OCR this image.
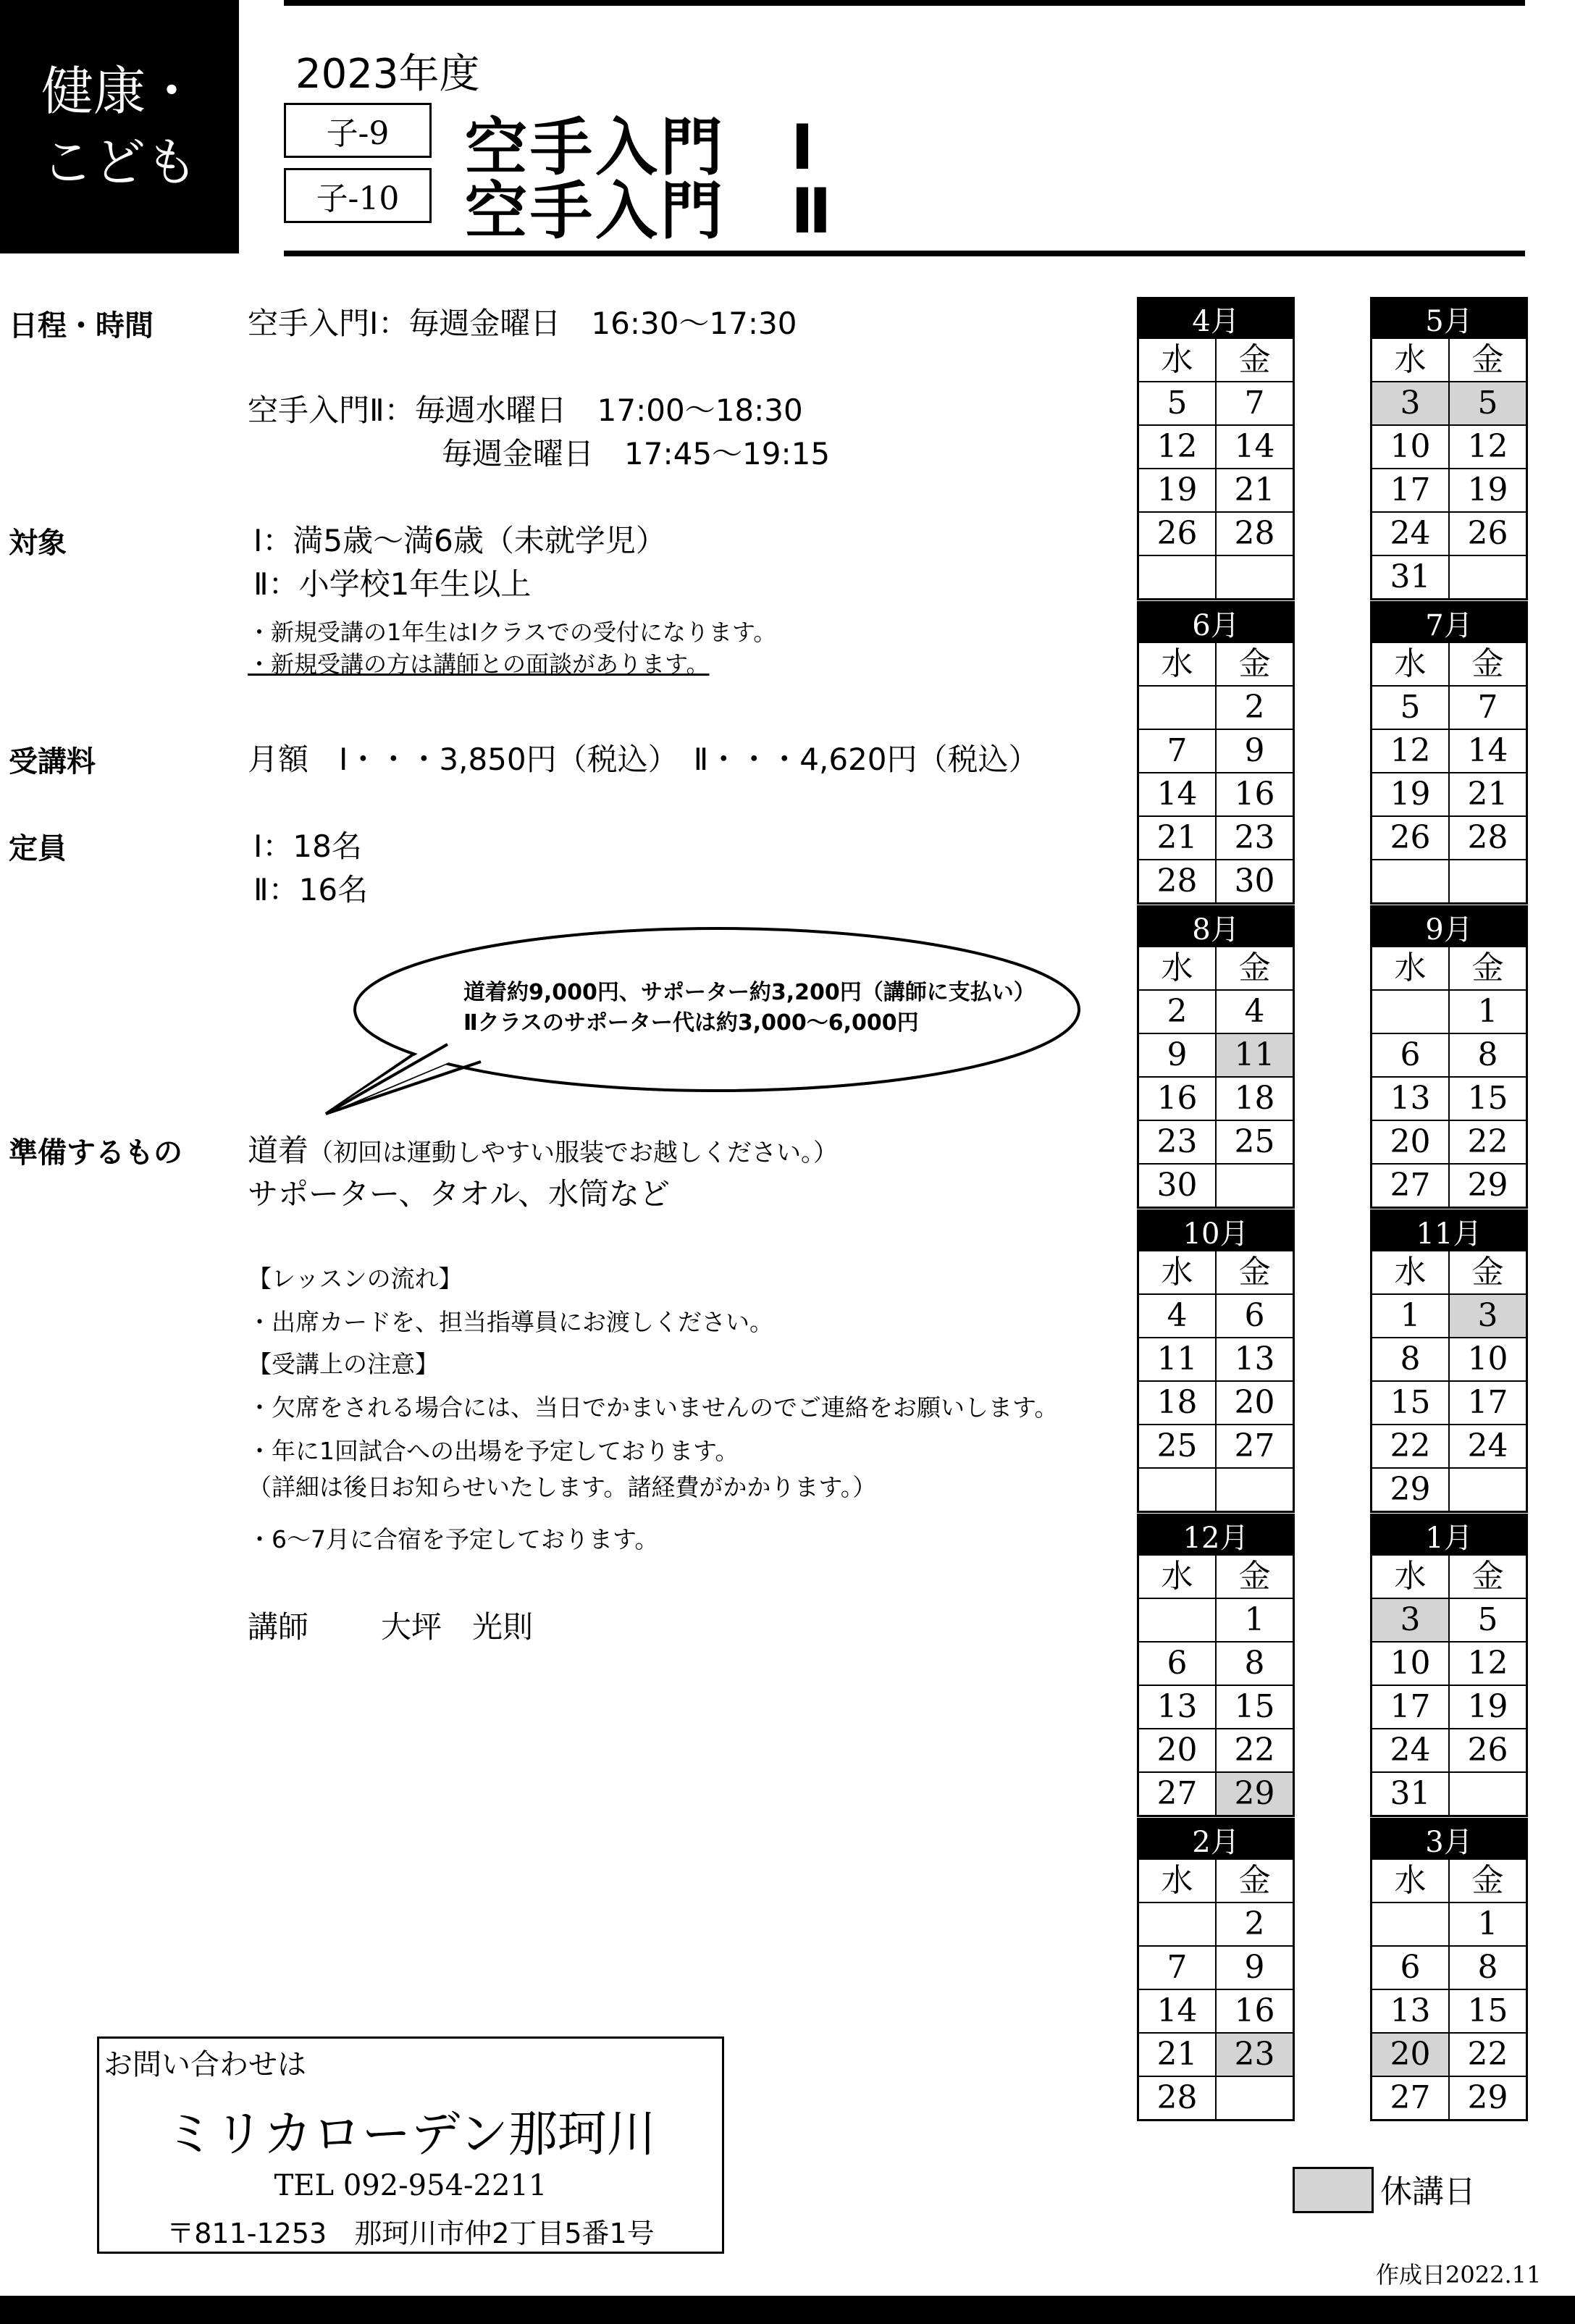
健康・
こども
2023年度
子-9
子-10
空手入門　Ⅰ
空手入門　Ⅱ
日程・時間	空手入門Ⅰ：毎週金曜日　16:30〜17:30
空手入門Ⅱ：毎週水曜日　17:00〜18:30
毎週金曜日　17:45〜19:15
対象	Ⅰ：満5歳〜満6歳（未就学児）
Ⅱ：小学校1年生以上
・新規受講の1年生はⅠクラスでの受付になります。
・新規受講の方は講師との面談があります。
受講料	月額　Ⅰ・・・3,850円（税込）　Ⅱ・・・4,620円（税込）
定員	Ⅰ：18名
Ⅱ：16名
道着約9,000円、サポーター約3,200円（講師に支払い）
Ⅱクラスのサポーター代は約3,000〜6,000円
準備するもの 道着（初回は運動しやすい服装でお越しください。）
サポーター、タオル、水筒など
【レッスンの流れ】
・出席カードを、担当指導員にお渡しください。
【受講上の注意】
・欠席をされる場合には、当日でかまいませんのでご連絡をお願いします。
・年に1回試合への出場を予定しております。
（詳細は後日お知らせいたします。諸経費がかかります。）
・6〜7月に合宿を予定しております。
講師 大坪　光則
4月
水	金
5	7
12	14
19	21
26	28

5月
水	金
3	5
10	12
17	19
24	26
31	
6月
水	金
	2
7	9
14	16
21	23
28	30
7月
水	金
5	7
12	14
19	21
26	28

8月
水	金
2	4
9	11
16	18
23	25
30	
9月
水	金
	1
6	8
13	15
20	22
27	29
10月
水	金
4	6
11	13
18	20
25	27

11月
水	金
1	3
8	10
15	17
22	24
29	
12月
水	金
	1
6	8
13	15
20	22
27	29
1月
水	金
3	5
10	12
17	19
24	26
31	
2月
水	金
	2
7	9
14	16
21	23
28	
3月
水	金
	1
6	8
13	15
20	22
27	29
休講日
お問い合わせは
ミリカローデン那珂川
TEL 092-954-2211
〒811-1253　那珂川市仲2丁目5番1号
作成日2022.11
